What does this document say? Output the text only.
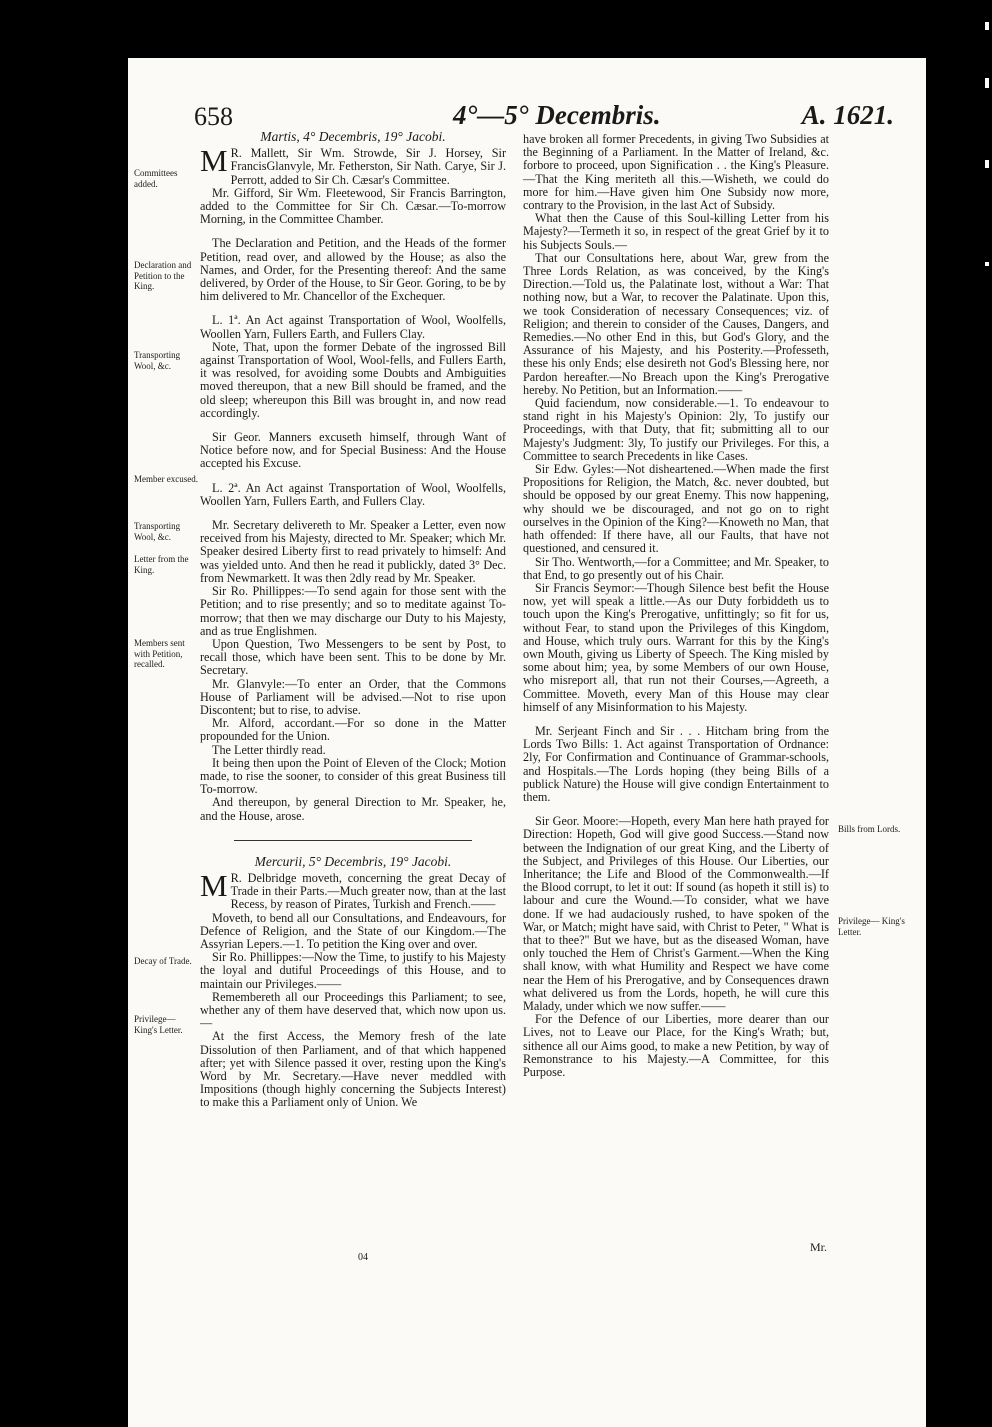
658	4°—5° Decembris.	A. 1621.
Committees added.
Declaration and Petition to the King.
Transporting Wool, &c.
Member excused.
Transporting Wool, &c.
Letter from the King.
Members sent with Petition, recalled.
Decay of Trade.
Privilege— King's Letter.
Bills from Lords.
Privilege— King's Letter.
Martis, 4° Decembris, 19° Jacobi.

M R. Mallett, Sir Wm. Strowde, Sir J. Horsey, Sir FrancisGlanvyle, Mr. Fetherston, Sir Nath. Carye, Sir J. Perrott, added to Sir Ch. Cæsar's Committee.

Mr. Gifford, Sir Wm. Fleetewood, Sir Francis Barrington, added to the Committee for Sir Ch. Cæsar.—To-morrow Morning, in the Committee Chamber.

The Declaration and Petition, and the Heads of the former Petition, read over, and allowed by the House; as also the Names, and Order, for the Presenting thereof: And the same delivered, by Order of the House, to Sir Geor. Goring, to be by him delivered to Mr. Chancellor of the Exchequer.

L. 1ª. An Act against Transportation of Wool, Woolfells, Woollen Yarn, Fullers Earth, and Fullers Clay.

Note, That, upon the former Debate of the ingrossed Bill against Transportation of Wool, Wool-fells, and Fullers Earth, it was resolved, for avoiding some Doubts and Ambiguities moved thereupon, that a new Bill should be framed, and the old sleep; whereupon this Bill was brought in, and now read accordingly.

Sir Geor. Manners excuseth himself, through Want of Notice before now, and for Special Business: And the House accepted his Excuse.

L. 2ª. An Act against Transportation of Wool, Woolfells, Woollen Yarn, Fullers Earth, and Fullers Clay.

Mr. Secretary delivereth to Mr. Speaker a Letter, even now received from his Majesty, directed to Mr. Speaker; which Mr. Speaker desired Liberty first to read privately to himself: And was yielded unto. And then he read it publickly, dated 3° Dec. from Newmarkett. It was then 2dly read by Mr. Speaker.

Sir Ro. Phillippes:—To send again for those sent with the Petition; and to rise presently; and so to meditate against To-morrow; that then we may discharge our Duty to his Majesty, and as true Englishmen.

Upon Question, Two Messengers to be sent by Post, to recall those, which have been sent. This to be done by Mr. Secretary.

Mr. Glanvyle:—To enter an Order, that the Commons House of Parliament will be advised.—Not to rise upon Discontent; but to rise, to advise.

Mr. Alford, accordant.—For so done in the Matter propounded for the Union.

The Letter thirdly read.

It being then upon the Point of Eleven of the Clock; Motion made, to rise the sooner, to consider of this great Business till To-morrow.

And thereupon, by general Direction to Mr. Speaker, he, and the House, arose.

Mercurii, 5° Decembris, 19° Jacobi.

M R. Delbridge moveth, concerning the great Decay of Trade in their Parts.—Much greater now, than at the last Recess, by reason of Pirates, Turkish and French.——

Moveth, to bend all our Consultations, and Endeavours, for Defence of Religion, and the State of our Kingdom.—The Assyrian Lepers.—1. To petition the King over and over.

Sir Ro. Phillippes:—Now the Time, to justify to his Majesty the loyal and dutiful Proceedings of this House, and to maintain our Privileges.——

Remembereth all our Proceedings this Parliament; to see, whether any of them have deserved that, which now upon us.—

At the first Access, the Memory fresh of the late Dissolution of then Parliament, and of that which happened after; yet with Silence passed it over, resting upon the King's Word by Mr. Secretary.—Have never meddled with Impositions (though highly concerning the Subjects Interest) to make this a Parliament only of Union. We

have broken all former Precedents, in giving Two Subsidies at the Beginning of a Parliament. In the Matter of Ireland, &c. forbore to proceed, upon Signification . . the King's Pleasure.—That the King meriteth all this.—Wisheth, we could do more for him.—Have given him One Subsidy now more, contrary to the Provision, in the last Act of Subsidy.

What then the Cause of this Soul-killing Letter from his Majesty?—Termeth it so, in respect of the great Grief by it to his Subjects Souls.—

That our Consultations here, about War, grew from the Three Lords Relation, as was conceived, by the King's Direction.—Told us, the Palatinate lost, without a War: That nothing now, but a War, to recover the Palatinate. Upon this, we took Consideration of necessary Consequences; viz. of Religion; and therein to consider of the Causes, Dangers, and Remedies.—No other End in this, but God's Glory, and the Assurance of his Majesty, and his Posterity.—Professeth, these his only Ends; else desireth not God's Blessing here, nor Pardon hereafter.—No Breach upon the King's Prerogative hereby. No Petition, but an Information.——

Quid faciendum, now considerable.—1. To endeavour to stand right in his Majesty's Opinion: 2ly, To justify our Proceedings, with that Duty, that fit; submitting all to our Majesty's Judgment: 3ly, To justify our Privileges. For this, a Committee to search Precedents in like Cases.

Sir Edw. Gyles:—Not disheartened.—When made the first Propositions for Religion, the Match, &c. never doubted, but should be opposed by our great Enemy. This now happening, why should we be discouraged, and not go on to right ourselves in the Opinion of the King?—Knoweth no Man, that hath offended: If there have, all our Faults, that have not questioned, and censured it.

Sir Tho. Wentworth,—for a Committee; and Mr. Speaker, to that End, to go presently out of his Chair.

Sir Francis Seymor:—Though Silence best befit the House now, yet will speak a little.—As our Duty forbiddeth us to touch upon the King's Prerogative, unfittingly; so fit for us, without Fear, to stand upon the Privileges of this Kingdom, and House, which truly ours. Warrant for this by the King's own Mouth, giving us Liberty of Speech. The King misled by some about him; yea, by some Members of our own House, who misreport all, that run not their Courses,—Agreeth, a Committee. Moveth, every Man of this House may clear himself of any Misinformation to his Majesty.

Mr. Serjeant Finch and Sir . . . Hitcham bring from the Lords Two Bills: 1. Act against Transportation of Ordnance: 2ly, For Confirmation and Continuance of Grammar-schools, and Hospitals.—The Lords hoping (they being Bills of a publick Nature) the House will give condign Entertainment to them.

Sir Geor. Moore:—Hopeth, every Man here hath prayed for Direction: Hopeth, God will give good Success.—Stand now between the Indignation of our great King, and the Liberty of the Subject, and Privileges of this House. Our Liberties, our Inheritance; the Life and Blood of the Commonwealth.—If the Blood corrupt, to let it out: If sound (as hopeth it still is) to labour and cure the Wound.—To consider, what we have done. If we had audaciously rushed, to have spoken of the War, or Match; might have said, with Christ to Peter, " What is that to thee?" But we have, but as the diseased Woman, have only touched the Hem of Christ's Garment.—When the King shall know, with what Humility and Respect we have come near the Hem of his Prerogative, and by Consequences drawn what delivered us from the Lords, hopeth, he will cure this Malady, under which we now suffer.——

For the Defence of our Liberties, more dearer than our Lives, not to Leave our Place, for the King's Wrath; but, sithence all our Aims good, to make a new Petition, by way of Remonstrance to his Majesty.—A Committee, for this Purpose.

04
Mr.
